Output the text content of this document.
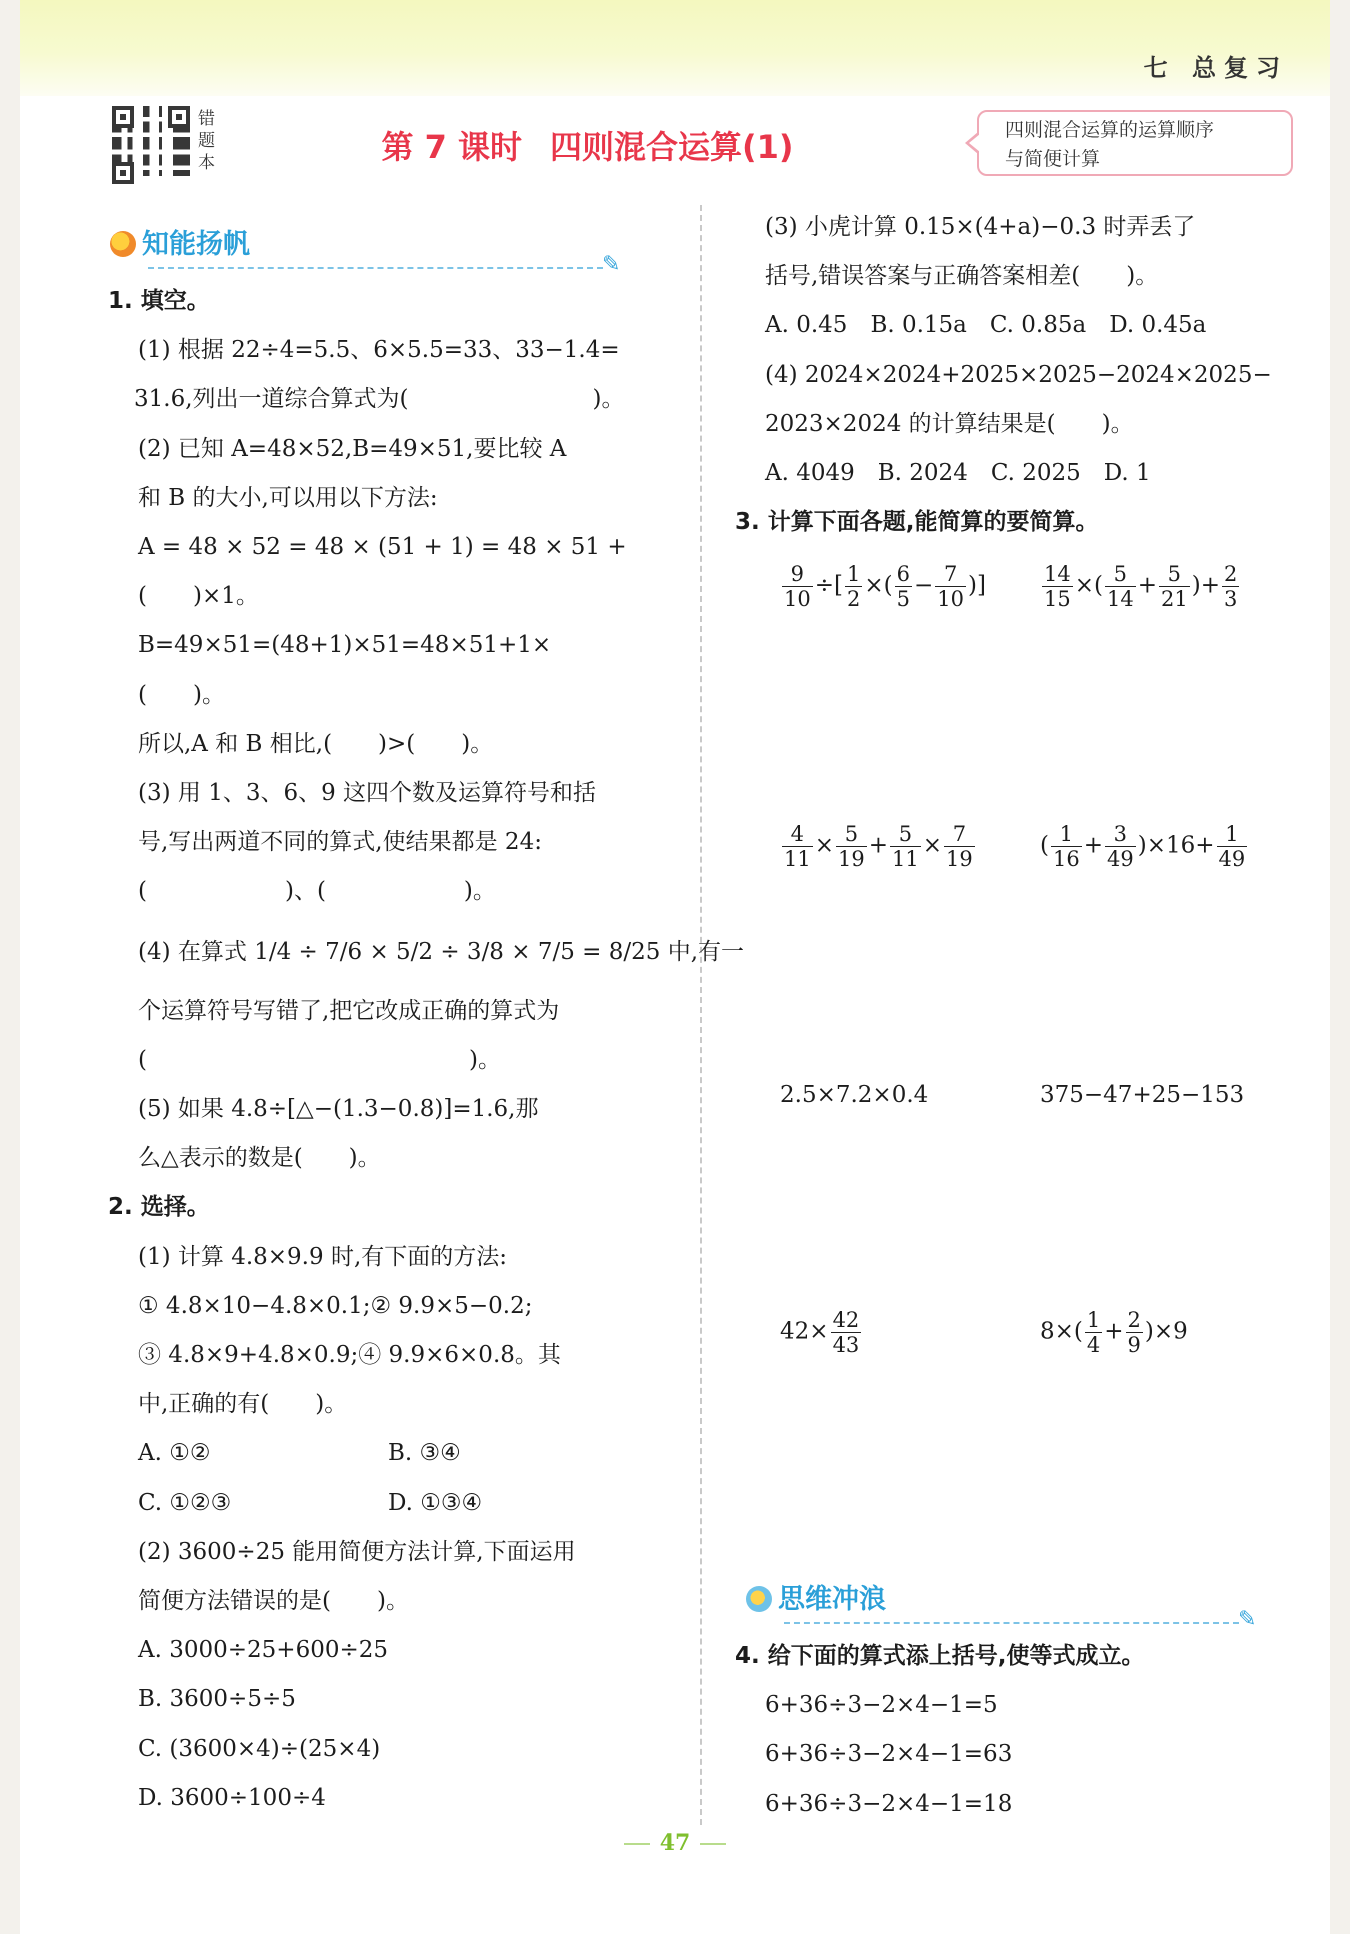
七 总复习
错题本	第 7 课时 四则混合运算(1)	四则混合运算的运算顺序
与简便计算
知能扬帆
✎
1. 填空。
(1) 根据 22÷4=5.5、6×5.5=33、33−1.4=
31.6,列出一道综合算式为(　　　　　　　　)。
(2) 已知 A=48×52,B=49×51,要比较 A
和 B 的大小,可以用以下方法:
A = 48 × 52 = 48 × (51 + 1) = 48 × 51 +
(　　)×1。
B=49×51=(48+1)×51=48×51+1×
(　　)。
所以,A 和 B 相比,(　　)>(　　)。
(3) 用 1、3、6、9 这四个数及运算符号和括
号,写出两道不同的算式,使结果都是 24:
(　　　　　　)、(　　　　　　)。
(4) 在算式 1/4 ÷ 7/6 × 5/2 ÷ 3/8 × 7/5 = 8/25 中,有一
个运算符号写错了,把它改成正确的算式为
(　　　　　　　　　　　　　　)。
(5) 如果 4.8÷[△−(1.3−0.8)]=1.6,那
么△表示的数是(　　)。
2. 选择。
(1) 计算 4.8×9.9 时,有下面的方法:
① 4.8×10−4.8×0.1;② 9.9×5−0.2;
③ 4.8×9+4.8×0.9;④ 9.9×6×0.8。其
中,正确的有(　　)。
A. ①②	B. ③④
C. ①②③	D. ①③④
(2) 3600÷25 能用简便方法计算,下面运用
简便方法错误的是(　　)。
A. 3000÷25+600÷25
B. 3600÷5÷5
C. (3600×4)÷(25×4)
D. 3600÷100÷4
(3) 小虎计算 0.15×(4+a)−0.3 时弄丢了
括号,错误答案与正确答案相差(　　)。
A. 0.45　B. 0.15a　C. 0.85a　D. 0.45a
(4) 2024×2024+2025×2025−2024×2025−
2023×2024 的计算结果是(　　)。
A. 4049　B. 2024　C. 2025　D. 1
3. 计算下面各题,能简算的要简算。
$\frac{9}{10}$ ÷[ $\frac{1}{2}$ ×( $\frac{6}{5} - \frac{7}{10}$ )]	$\frac{14}{15}$ ×( $\frac{5}{14} + \frac{5}{21}$ )+ $\frac{2}{3}$
$\frac{4}{11} \times \frac{5}{19} + \frac{5}{11} \times \frac{7}{19}$	( $\frac{1}{16} + \frac{3}{49} )\times 16+ \frac{1}{49}$
2.5×7.2×0.4	375−47+25−153
$42\times \frac{42}{43}$	$8\times( \frac{1}{4} + \frac{2}{9} )\times 9$
思维冲浪
✎
4. 给下面的算式添上括号,使等式成立。
6+36÷3−2×4−1=5
6+36÷3−2×4−1=63
6+36÷3−2×4−1=18
47
